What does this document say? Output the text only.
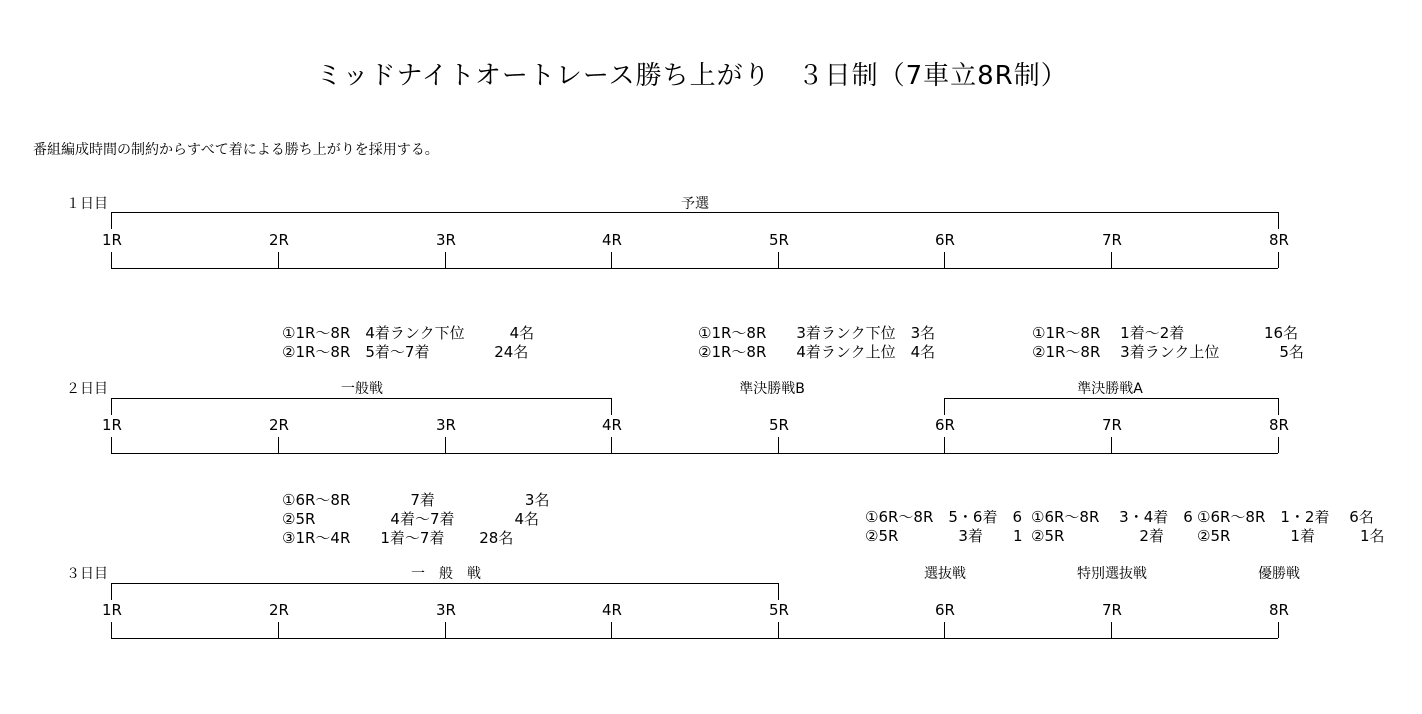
ミッドナイトオートレース勝ち上がり　３日制（7車立8R制）
番組編成時間の制約からすべて着による勝ち上がりを採用する。
１日目	予選
1R	2R	3R	4R	5R	6R	7R	8R
①1R～8R　4着ランク下位　　　4名
②1R～8R　5着～7着　　　　 24名
①1R～8R　　3着ランク下位　3名
②1R～8R　　4着ランク上位　4名
①1R～8R　 1着～2着　　　　　 16名
②1R～8R　 3着ランク上位　　　　5名
２日目	一般戦	準決勝戦B	準決勝戦A
1R	2R	3R	4R	5R	6R	7R	8R
①6R～8R　　　　7着　　　　　　3名
②5R　　　　　4着～7着　　　　4名
③1R～4R　　1着～7着　　 28名
①6R～8R　5・6着　6
②5R　　　　3着　　1
①6R～8R　 3・4着　6
②5R　　　　　2着　
①6R～8R　1・2着　 6名
②5R　　　　1着　　　1名
３日目	一　般　戦	選抜戦	特別選抜戦	優勝戦
1R	2R	3R	4R	5R	6R	7R	8R
